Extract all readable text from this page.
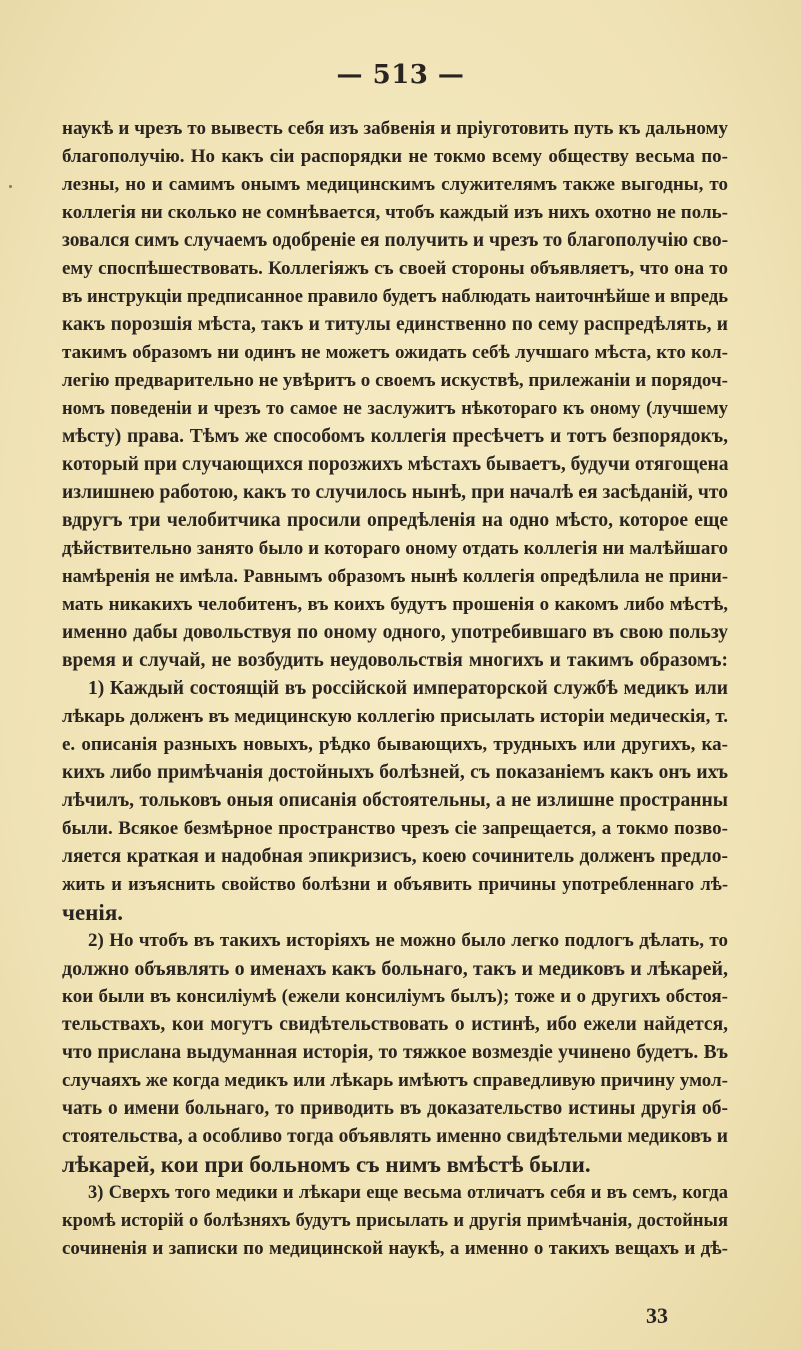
— 513 —
наукѣ и чрезъ то вывесть себя изъ забвенія и пріуготовить путь къ дальному
благополучію. Но какъ сіи распорядки не токмо всему обществу весьма по-
лезны, но и самимъ онымъ медицинскимъ служителямъ также выгодны, то
коллегія ни сколько не сомнѣвается, чтобъ каждый изъ нихъ охотно не поль-
зовался симъ случаемъ одобреніе ея получить и чрезъ то благополучію сво-
ему споспѣшествовать. Коллегіяжъ съ своей стороны объявляетъ, что она то
въ инструкціи предписанное правило будетъ наблюдать наиточнѣйше и впредь
какъ порозшія мѣста, такъ и титулы единственно по сему распредѣлять, и
такимъ образомъ ни одинъ не можетъ ожидать себѣ лучшаго мѣста, кто кол-
легію предварительно не увѣритъ о своемъ искуствѣ, прилежаніи и порядоч-
номъ поведеніи и чрезъ то самое не заслужитъ нѣкотораго къ оному (лучшему
мѣсту) права. Тѣмъ же способомъ коллегія пресѣчетъ и тотъ безпорядокъ,
который при случающихся порозжихъ мѣстахъ бываетъ, будучи отягощена
излишнею работою, какъ то случилось нынѣ, при началѣ ея засѣданій, что
вдругъ три челобитчика просили опредѣленія на одно мѣсто, которое еще
дѣйствительно занято было и котораго оному отдать коллегія ни малѣйшаго
намѣренія не имѣла. Равнымъ образомъ нынѣ коллегія опредѣлила не прини-
мать никакихъ челобитенъ, въ коихъ будутъ прошенія о какомъ либо мѣстѣ,
именно дабы довольствуя по оному одного, употребившаго въ свою пользу
время и случай, не возбудить неудовольствія многихъ и такимъ образомъ:
1) Каждый состоящій въ россійской императорской службѣ медикъ или
лѣкарь долженъ въ медицинскую коллегію присылать исторіи медическія, т.
е. описанія разныхъ новыхъ, рѣдко бывающихъ, трудныхъ или другихъ, ка-
кихъ либо примѣчанія достойныхъ болѣзней, съ показаніемъ какъ онъ ихъ
лѣчилъ, тольковъ оныя описанія обстоятельны, а не излишне пространны
были. Всякое безмѣрное пространство чрезъ сіе запрещается, а токмо позво-
ляется краткая и надобная эпикризисъ, коею сочинитель долженъ предло-
жить и изъяснить свойство болѣзни и объявить причины употребленнаго лѣ-
ченія.
2) Но чтобъ въ такихъ исторіяхъ не можно было легко подлогъ дѣлать, то
должно объявлять о именахъ какъ больнаго, такъ и медиковъ и лѣкарей,
кои были въ консиліумѣ (ежели консиліумъ былъ); тоже и о другихъ обстоя-
тельствахъ, кои могутъ свидѣтельствовать о истинѣ, ибо ежели найдется,
что прислана выдуманная исторія, то тяжкое возмездіе учинено будетъ. Въ
случаяхъ же когда медикъ или лѣкарь имѣютъ справедливую причину умол-
чать о имени больнаго, то приводить въ доказательство истины другія об-
стоятельства, а особливо тогда объявлять именно свидѣтельми медиковъ и
лѣкарей, кои при больномъ съ нимъ вмѣстѣ были.
3) Сверхъ того медики и лѣкари еще весьма отличатъ себя и въ семъ, когда
кромѣ исторій о болѣзняхъ будутъ присылать и другія примѣчанія, достойныя
сочиненія и записки по медицинской наукѣ, а именно о такихъ вещахъ и дѣ-
33
